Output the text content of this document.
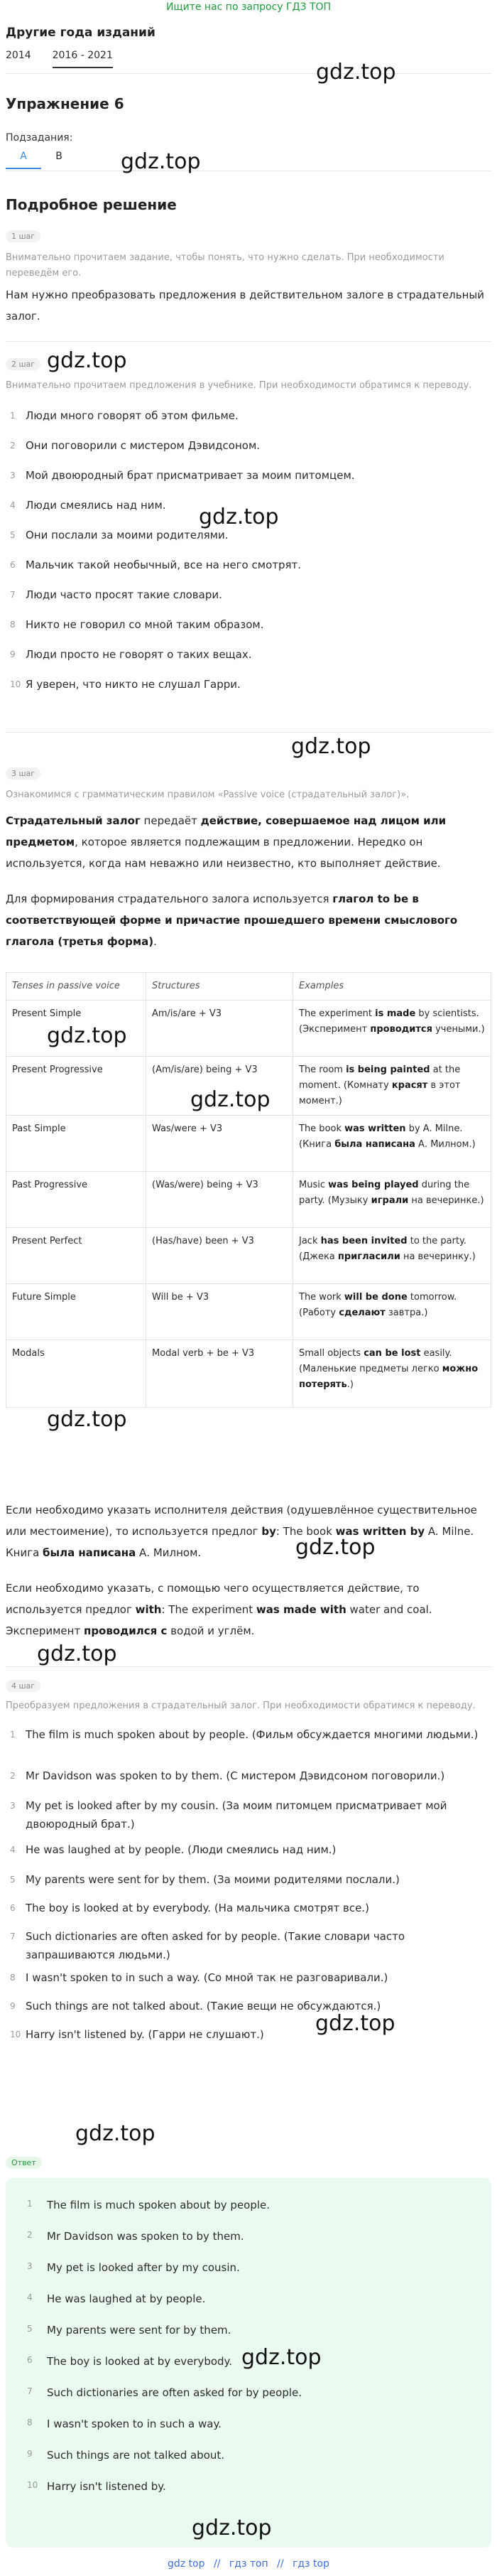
Ищите нас по запросу ГДЗ ТОП
Другие года изданий
2014 2016 - 2021
gdz.top
Упражнение 6
Подзадания:
А	В	gdz.top
Подробное решение
1 шаг
Внимательно прочитаем задание, чтобы понять, что нужно сделать. При необходимости переведём его.
Нам нужно преобразовать предложения в действительном залоге в страдательный залог.
2 шаг gdz.top
Внимательно прочитаем предложения в учебнике. При необходимости обратимся к переводу.
1 Люди много говорят об этом фильме.
2 Они поговорили с мистером Дэвидсоном.
3 Мой двоюродный брат присматривает за моим питомцем.
4 Люди смеялись над ним.
5 Они послали за моими родителями.
6 Мальчик такой необычный, все на него смотрят.
7 Люди часто просят такие словари.
8 Никто не говорил со мной таким образом.
9 Люди просто не говорят о таких вещах.
10 Я уверен, что никто не слушал Гарри.
gdz.top
gdz.top
3 шаг
Ознакомимся с грамматическим правилом «Passive voice (страдательный залог)».
Страдательный залог передаёт действие, совершаемое над лицом или предметом, которое является подлежащим в предложении. Нередко он используется, когда нам неважно или неизвестно, кто выполняет действие.
Для формирования страдательного залога используется глагол to be в соответствующей форме и причастие прошедшего времени смыслового глагола (третья форма).
Tenses in passive voice	Structures	Examples
Present Simple	Am/is/are + V3	The experiment is made by scientists. (Эксперимент проводится учеными.)
Present Progressive	(Am/is/are) being + V3	The room is being painted at the moment. (Комнату красят в этот момент.)
Past Simple	Was/were + V3	The book was written by A. Milne. (Книга была написана А. Милном.)
Past Progressive	(Was/were) being + V3	Music was being played during the party. (Музыку играли на вечеринке.)
Present Perfect	(Has/have) been + V3	Jack has been invited to the party. (Джека пригласили на вечеринку.)
Future Simple	Will be + V3	The work will be done tomorrow. (Работу сделают завтра.)
Modals	Modal verb + be + V3	Small objects can be lost easily. (Маленькие предметы легко можно потерять.)
gdz.top
gdz.top
gdz.top
Если необходимо указать исполнителя действия (одушевлённое существительное или местоимение), то используется предлог by: The book was written by A. Milne. Книга была написана А. Милном.	gdz.top
Если необходимо указать, с помощью чего осуществляется действие, то используется предлог with: The experiment was made with water and coal. Эксперимент проводился с водой и углём.
gdz.top
4 шаг
Преобразуем предложения в страдательный залог. При необходимости обратимся к переводу.
1 The film is much spoken about by people. (Фильм обсуждается многими людьми.)
2 Mr Davidson was spoken to by them. (С мистером Дэвидсоном поговорили.)
3 My pet is looked after by my cousin. (За моим питомцем присматривает мой двоюродный брат.)
4 He was laughed at by people. (Люди смеялись над ним.)
5 My parents were sent for by them. (За моими родителями послали.)
6 The boy is looked at by everybody. (На мальчика смотрят все.)
7 Such dictionaries are often asked for by people. (Такие словари часто запрашиваются людьми.)
8 I wasn't spoken to in such a way. (Со мной так не разговаривали.)
9 Such things are not talked about. (Такие вещи не обсуждаются.)
10 Harry isn't listened by. (Гарри не слушают.)	gdz.top
gdz.top
Ответ
1	The film is much spoken about by people.
2	Mr Davidson was spoken to by them.
3	My pet is looked after by my cousin.
4	He was laughed at by people.
5	My parents were sent for by them.
6	The boy is looked at by everybody.
7	Such dictionaries are often asked for by people.
8	I wasn't spoken to in such a way.
9	Such things are not talked about.
10 Harry isn't listened by.
gdz.top
gdz.top
gdz top // гдз топ // гдз top
